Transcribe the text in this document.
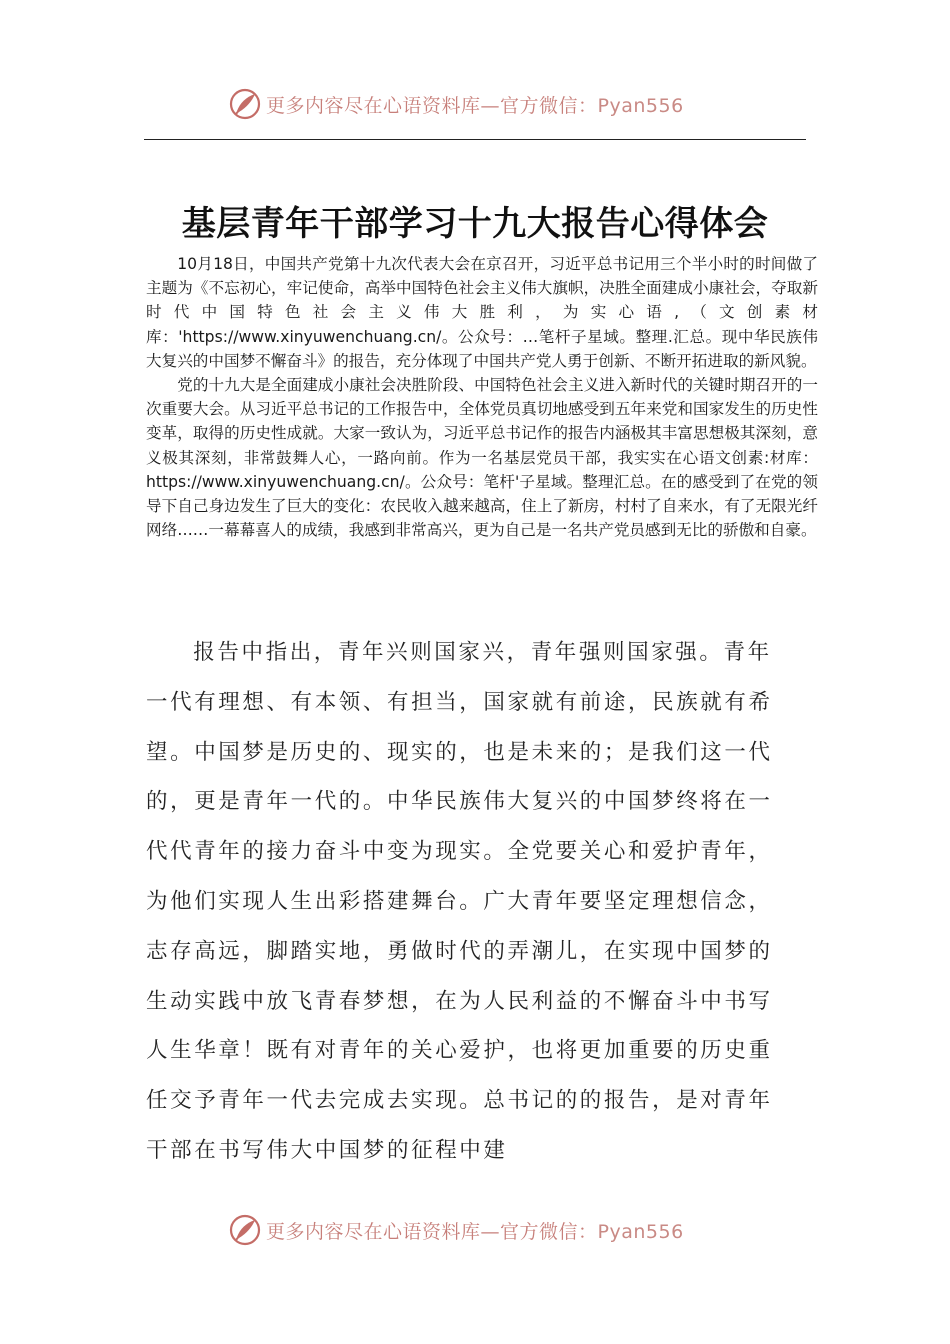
更多内容尽在心语资料库—官方微信：Pyan556
基层青年干部学习十九大报告心得体会

10月18日，中国共产党第十九次代表大会在京召开，习近平总书记用三个半小时的时间做了主题为《不忘初心，牢记使命，高举中国特色社会主义伟大旗帜，决胜全面建成小康社会，夺取新时代中国特色社会主义伟大胜利，为实心语,（文创素材库：'https://www.xinyuwenchuang.cn/。公众号：…笔杆子星域。整理.汇总。现中华民族伟大复兴的中国梦不懈奋斗》的报告，充分体现了中国共产党人勇于创新、不断开拓进取的新风貌。

党的十九大是全面建成小康社会决胜阶段、中国特色社会主义进入新时代的关键时期召开的一次重要大会。从习近平总书记的工作报告中，全体党员真切地感受到五年来党和国家发生的历史性变革，取得的历史性成就。大家一致认为，习近平总书记作的报告内涵极其丰富思想极其深刻，意义极其深刻，非常鼓舞人心，一路向前。作为一名基层党员干部，我实实在心语文创素:材库：https://www.xinyuwenchuang.cn/。公众号：笔杆'子星域。整理汇总。在的感受到了在党的领导下自己身边发生了巨大的变化：农民收入越来越高，住上了新房，村村了自来水，有了无限光纤网络……一幕幕喜人的成绩，我感到非常高兴，更为自己是一名共产党员感到无比的骄傲和自豪。

报告中指出，青年兴则国家兴，青年强则国家强。青年一代有理想、有本领、有担当，国家就有前途，民族就有希望。中国梦是历史的、现实的，也是未来的；是我们这一代的，更是青年一代的。中华民族伟大复兴的中国梦终将在一代代青年的接力奋斗中变为现实。全党要关心和爱护青年，为他们实现人生出彩搭建舞台。广大青年要坚定理想信念，志存高远，脚踏实地，勇做时代的弄潮儿，在实现中国梦的生动实践中放飞青春梦想，在为人民利益的不懈奋斗中书写人生华章！既有对青年的关心爱护，也将更加重要的历史重任交予青年一代去完成去实现。总书记的的报告，是对青年干部在书写伟大中国梦的征程中建

更多内容尽在心语资料库—官方微信：Pyan556
